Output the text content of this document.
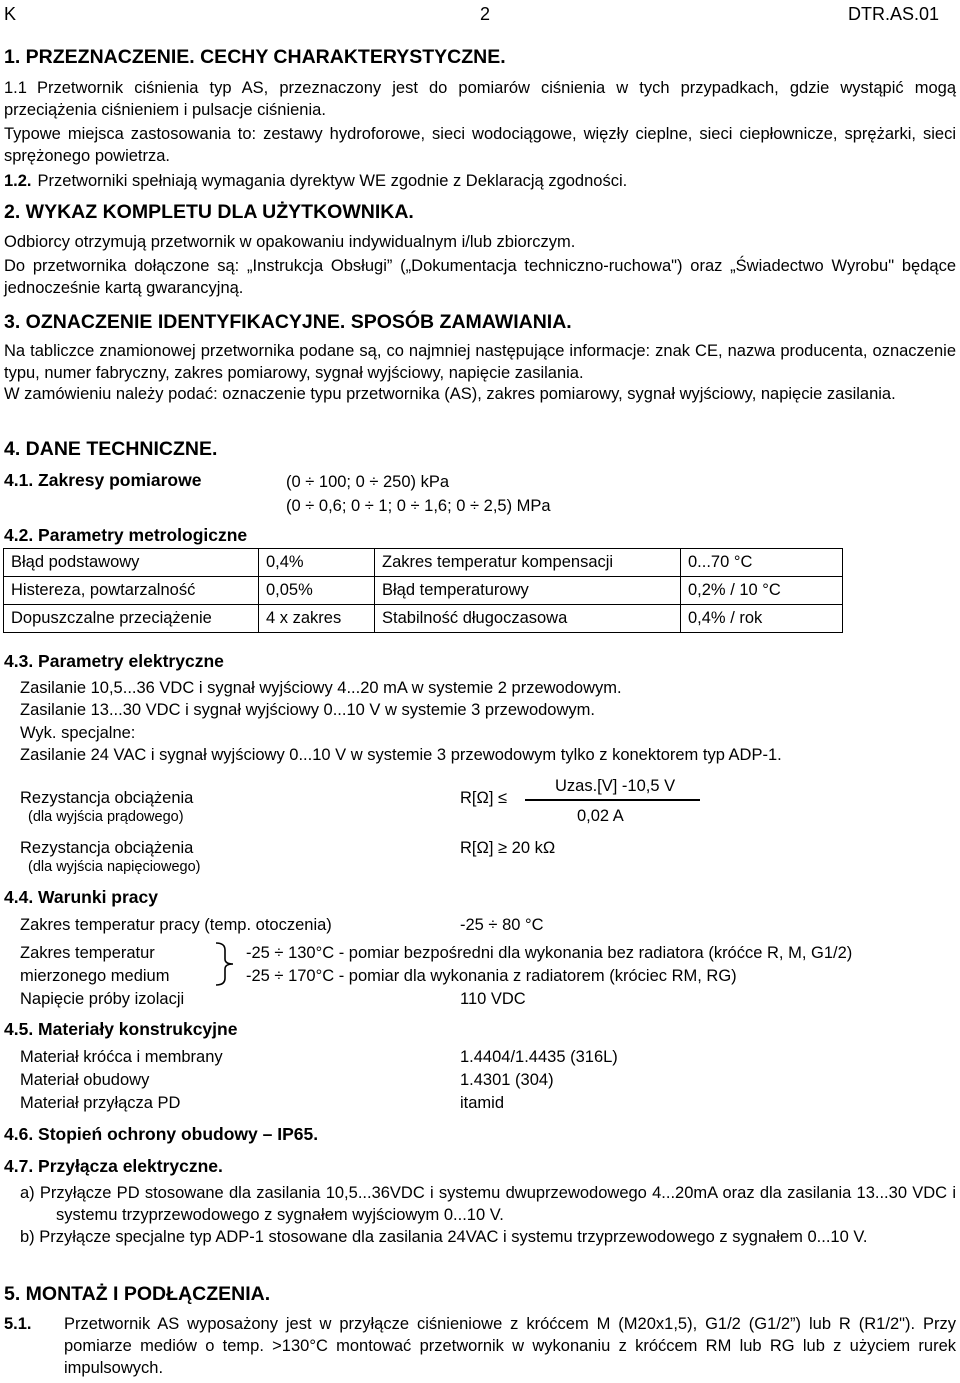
K	2	DTR.AS.01
1. PRZEZNACZENIE. CECHY CHARAKTERYSTYCZNE.
1.1 Przetwornik ciśnienia typ AS, przeznaczony jest do pomiarów ciśnienia w tych przypadkach, gdzie wystąpić mogą przeciążenia ciśnieniem i pulsacje ciśnienia.
Typowe miejsca zastosowania to: zestawy hydroforowe, sieci wodociągowe, więzły cieplne, sieci ciepłownicze, sprężarki, sieci sprężonego powietrza.
1.2. Przetworniki spełniają wymagania dyrektyw WE zgodnie z Deklaracją zgodności.
2. WYKAZ KOMPLETU DLA UŻYTKOWNIKA.
Odbiorcy otrzymują przetwornik w opakowaniu indywidualnym i/lub zbiorczym.
Do przetwornika dołączone są: „Instrukcja Obsługi” („Dokumentacja techniczno-ruchowa") oraz „Świadectwo Wyrobu" będące jednocześnie kartą gwarancyjną.
3. OZNACZENIE IDENTYFIKACYJNE. SPOSÓB ZAMAWIANIA.
Na tabliczce znamionowej przetwornika podane są, co najmniej następujące informacje: znak CE, nazwa producenta, oznaczenie typu, numer fabryczny, zakres pomiarowy, sygnał wyjściowy, napięcie zasilania.
W zamówieniu należy podać: oznaczenie typu przetwornika (AS), zakres pomiarowy, sygnał wyjściowy, napięcie zasilania.
4. DANE TECHNICZNE.
4.1. Zakresy pomiarowe	(0 ÷ 100; 0 ÷ 250) kPa
(0 ÷ 0,6; 0 ÷ 1; 0 ÷ 1,6; 0 ÷ 2,5) MPa
4.2. Parametry metrologiczne
Błąd podstawowy	0,4%	Zakres temperatur kompensacji	0...70 °C
Histereza, powtarzalność	0,05%	Błąd temperaturowy	0,2% / 10 °C
Dopuszczalne przeciążenie	4 x zakres	Stabilność długoczasowa	0,4% / rok
4.3. Parametry elektryczne
Zasilanie 10,5...36 VDC i sygnał wyjściowy 4...20 mA w systemie 2 przewodowym.
Zasilanie 13...30 VDC i sygnał wyjściowy 0...10 V w systemie 3 przewodowym.
Wyk. specjalne:
Zasilanie 24 VAC i sygnał wyjściowy 0...10 V w systemie 3 przewodowym tylko z konektorem typ ADP-1.
Rezystancja obciążenia
(dla wyjścia prądowego)
R[Ω] ≤
Uzas.[V] -10,5 V
0,02 A
Rezystancja obciążenia
(dla wyjścia napięciowego)
R[Ω] ≥ 20 kΩ
4.4. Warunki pracy
Zakres temperatur pracy (temp. otoczenia)	-25 ÷ 80 °C
Zakres temperatur
mierzonego medium
-25 ÷ 130°C - pomiar bezpośredni dla wykonania bez radiatora (króćce R, M, G1/2)
-25 ÷ 170°C - pomiar dla wykonania z radiatorem (króciec RM, RG)
Napięcie próby izolacji	110 VDC
4.5. Materiały konstrukcyjne
Materiał króćca i membrany	1.4404/1.4435 (316L)
Materiał obudowy	1.4301 (304)
Materiał przyłącza PD	itamid
4.6. Stopień ochrony obudowy – IP65.
4.7. Przyłącza elektryczne.
a) Przyłącze PD stosowane dla zasilania 10,5...36VDC i systemu dwuprzewodowego 4...20mA oraz dla zasilania 13...30 VDC i systemu trzyprzewodowego z sygnałem wyjściowym 0...10 V.
b) Przyłącze specjalne typ ADP-1 stosowane dla zasilania 24VAC i systemu trzyprzewodowego z sygnałem 0...10 V.
5. MONTAŻ I PODŁĄCZENIA.
5.1. Przetwornik AS wyposażony jest w przyłącze ciśnieniowe z króćcem M (M20x1,5), G1/2 (G1/2”) lub R (R1/2"). Przy pomiarze mediów o temp. >130°C montować przetwornik w wykonaniu z króćcem RM lub RG lub z użyciem rurek impulsowych.
